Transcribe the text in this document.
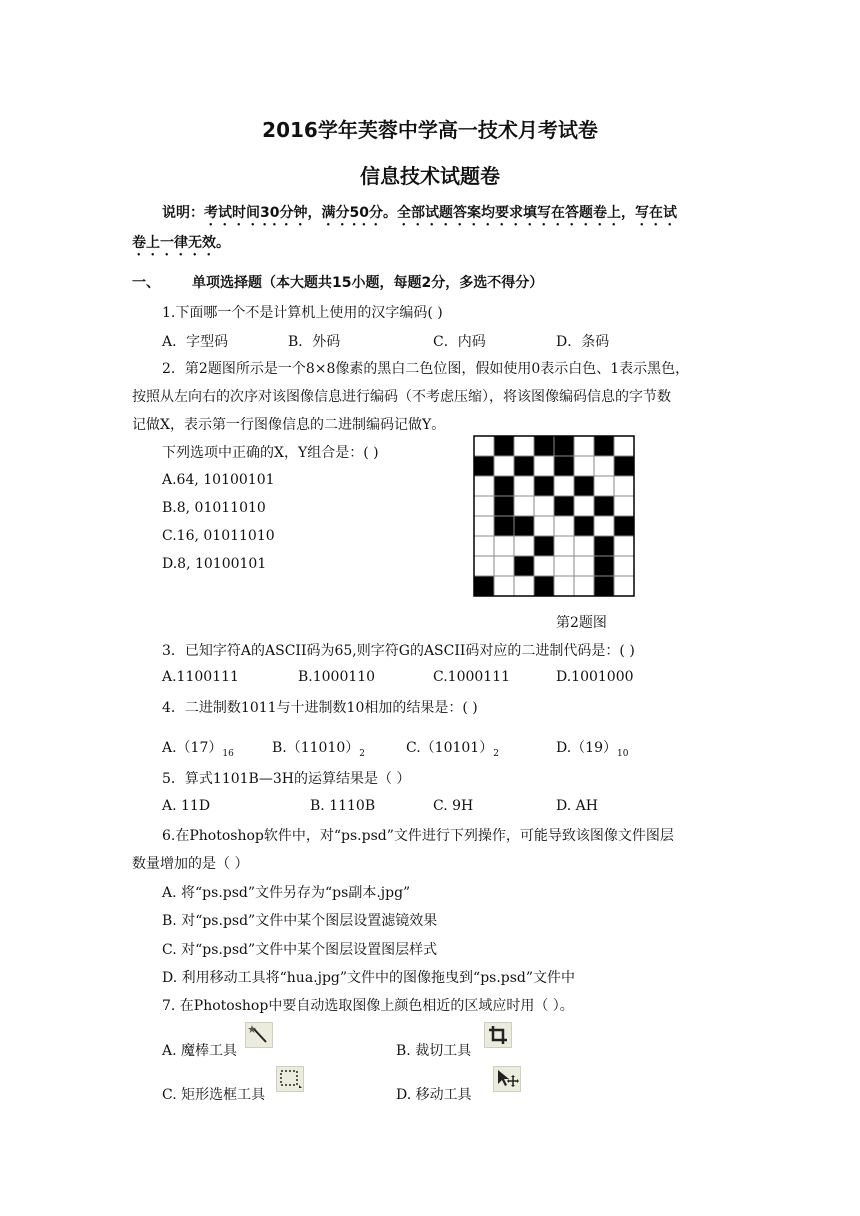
2016学年芙蓉中学高一技术月考试卷
信息技术试题卷
说明：考试时间30分钟，满分50分。全部试题答案均要求填写在答题卷上，写在试
卷上一律无效。
一、 单项选择题（本大题共15小题，每题2分，多选不得分）
1.下面哪一个不是计算机上使用的汉字编码( )
A．字型码	B．外码	C．内码	D．条码
2．第2题图所示是一个8×8像素的黑白二色位图，假如使用0表示白色、1表示黑色，
按照从左向右的次序对该图像信息进行编码（不考虑压缩），将该图像编码信息的字节数
记做X，表示第一行图像信息的二进制编码记做Y。
下列选项中正确的X，Y组合是：( )
A.64, 10100101
B.8, 01011010
C.16, 01011010
D.8, 10100101
第2题图
3．已知字符A的ASCII码为65,则字符G的ASCII码对应的二进制代码是：( )
A.1100111	B.1000110	C.1000111	D.1001000
4．二进制数1011与十进制数10相加的结果是：( )
$A.(17)_{16}$	$B.(11010)_2$	$C.(10101)_2$	$D.(19)_{10}$
5．算式1101B—3H的运算结果是（ ）
A. 11D	B. 1110B	C. 9H	D. AH
6.在Photoshop软件中，对“ps.psd”文件进行下列操作，可能导致该图像文件图层
数量增加的是（ ）
A. 将“ps.psd”文件另存为“ps副本.jpg”
B. 对“ps.psd”文件中某个图层设置滤镜效果
C. 对“ps.psd”文件中某个图层设置图层样式
D. 利用移动工具将“hua.jpg”文件中的图像拖曳到“ps.psd”文件中
7. 在Photoshop中要自动选取图像上颜色相近的区域应时用（ ）。
A. 魔棒工具	B. 裁切工具
C. 矩形选框工具	D. 移动工具
